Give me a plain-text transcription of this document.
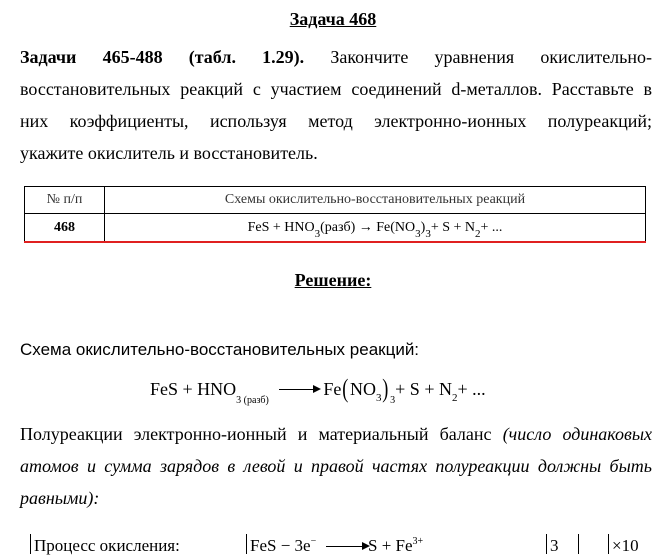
Задача 468
Задачи 465-488 (табл. 1.29). Закончите уравнения окислительно-
восстановительных реакций с участием соединений d-металлов. Расставьте в
них коэффициенты, используя метод электронно-ионных полуреакций;
укажите окислитель и восстановитель.
№ п/п	Схемы окислительно-восстановительных реакций
468	FeS + HNO 3 (разб) → Fe(NO 3 ) 3 + S + N 2 + ...
Решение:
Схема окислительно-восстановительных реакций:
FeS + HNO3 (разб) Fe(NO3)3+ S + N2+ ...
Полуреакции электронно-ионный и материальный баланс (число одинаковых
атомов и сумма зарядов в левой и правой частях полуреакции должны быть
равными):
Процесс окисления:	FeS − 3e−	$S + Fe^{3+}$	3	×10
